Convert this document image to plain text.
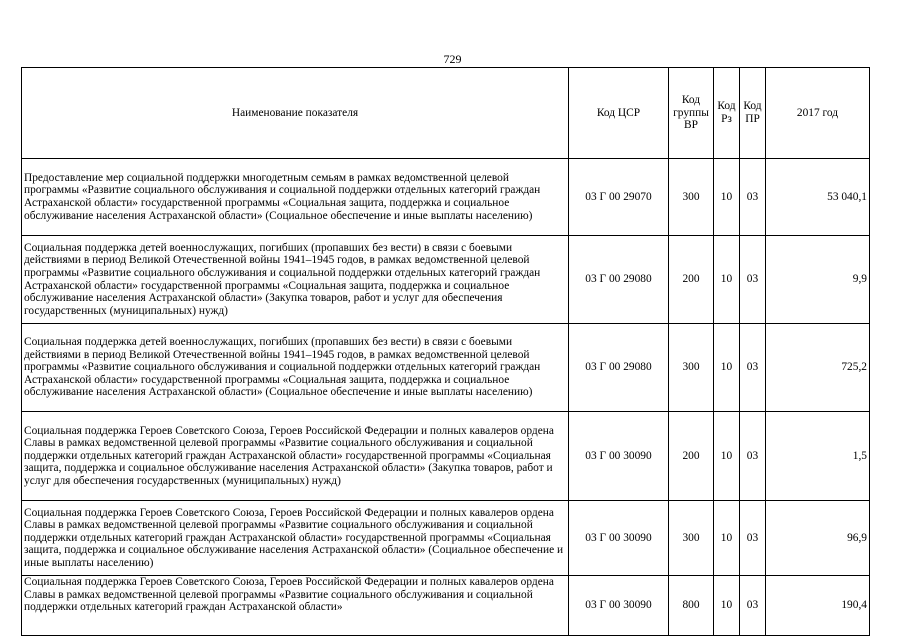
729
Наименование показателя	Код ЦСР	Код группы ВР	Код Рз	Код ПР	2017 год
Предоставление мер социальной поддержки многодетным семьям в рамках ведомственной целевой программы «Развитие социального обслуживания и социальной поддержки отдельных категорий граждан Астраханской области» государственной программы «Социальная защита, поддержка и социальное обслуживание населения Астраханской области» (Социальное обеспечение и иные выплаты населению)	03 Г 00 29070	300	10	03	53 040,1
Социальная поддержка детей военнослужащих, погибших (пропавших без вести) в связи с боевыми действиями в период Великой Отечественной войны 1941–1945 годов, в рамках ведомственной целевой программы «Развитие социального обслуживания и социальной поддержки отдельных категорий граждан Астраханской области» государственной программы «Социальная защита, поддержка и социальное обслуживание населения Астраханской области» (Закупка товаров, работ и услуг для обеспечения государственных (муниципальных) нужд)	03 Г 00 29080	200	10	03	9,9
Социальная поддержка детей военнослужащих, погибших (пропавших без вести) в связи с боевыми действиями в период Великой Отечественной войны 1941–1945 годов, в рамках ведомственной целевой программы «Развитие социального обслуживания и социальной поддержки отдельных категорий граждан Астраханской области» государственной программы «Социальная защита, поддержка и социальное обслуживание населения Астраханской области» (Социальное обеспечение и иные выплаты населению)	03 Г 00 29080	300	10	03	725,2
Социальная поддержка Героев Советского Союза, Героев Российской Федерации и полных кавалеров ордена Славы в рамках ведомственной целевой программы «Развитие социального обслуживания и социальной поддержки отдельных категорий граждан Астраханской области» государственной программы «Социальная защита, поддержка и социальное обслуживание населения Астраханской области» (Закупка товаров, работ и услуг для обеспечения государственных (муниципальных) нужд)	03 Г 00 30090	200	10	03	1,5
Социальная поддержка Героев Советского Союза, Героев Российской Федерации и полных кавалеров ордена Славы в рамках ведомственной целевой программы «Развитие социального обслуживания и социальной поддержки отдельных категорий граждан Астраханской области» государственной программы «Социальная защита, поддержка и социальное обслуживание населения Астраханской области» (Социальное обеспечение и иные выплаты населению)	03 Г 00 30090	300	10	03	96,9
Социальная поддержка Героев Советского Союза, Героев Российской Федерации и полных кавалеров ордена Славы в рамках ведомственной целевой программы «Развитие социального обслуживания и социальной поддержки отдельных категорий граждан Астраханской области»	03 Г 00 30090	800	10	03	190,4
